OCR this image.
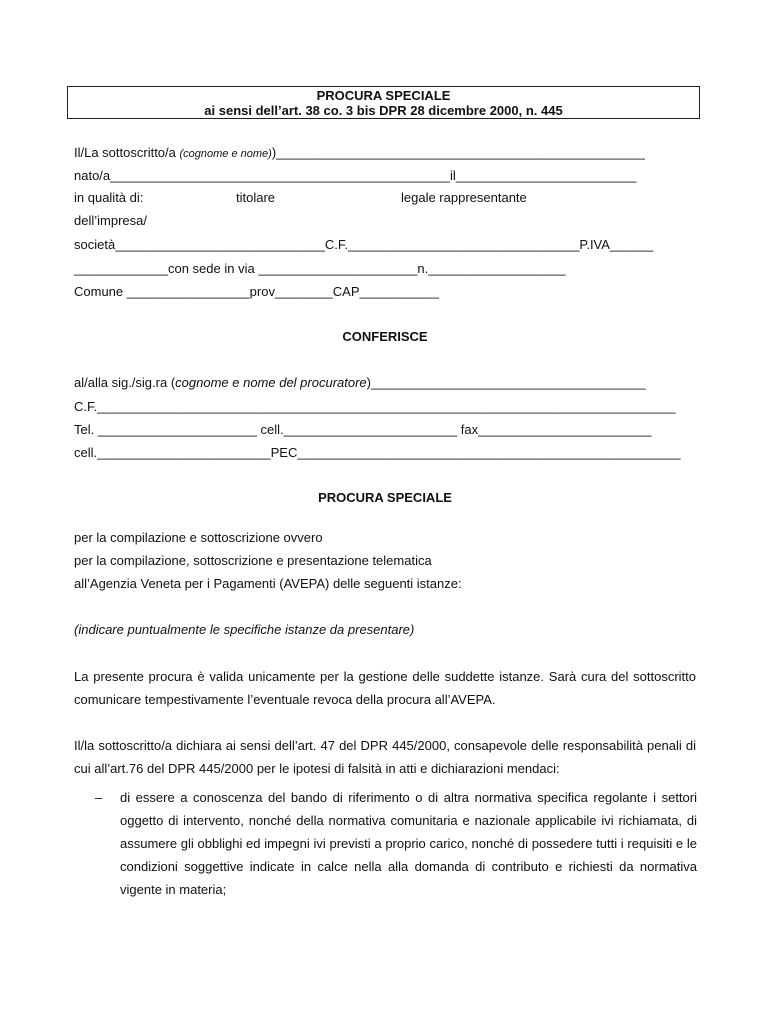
PROCURA SPECIALE
ai sensi dell’art. 38 co. 3 bis DPR 28 dicembre 2000, n. 445
Il/La sottoscritto/a (cognome e nome))___________________________________________________
nato/a_______________________________________________il_________________________
in qualità di:	titolare	legale rappresentante
dell’impresa/
società_____________________________C.F.________________________________P.IVA______
_____________con sede in via ______________________n.___________________
Comune _________________prov________CAP___________
CONFERISCE
al/alla sig./sig.ra (cognome e nome del procuratore)______________________________________
C.F.________________________________________________________________________________
Tel. ______________________ cell.________________________ fax________________________
cell.________________________PEC_____________________________________________________
PROCURA SPECIALE
per la compilazione e sottoscrizione ovvero
per la compilazione, sottoscrizione e presentazione telematica
all’Agenzia Veneta per i Pagamenti (AVEPA) delle seguenti istanze:
(indicare puntualmente le specifiche istanze da presentare)
La presente procura è valida unicamente per la gestione delle suddette istanze. Sarà cura del sottoscritto comunicare tempestivamente l’eventuale revoca della procura all’AVEPA.
Il/la sottoscritto/a dichiara ai sensi dell’art. 47 del DPR 445/2000, consapevole delle responsabilità penali di cui all’art.76 del DPR 445/2000 per le ipotesi di falsità in atti e dichiarazioni mendaci:
– di essere a conoscenza del bando di riferimento o di altra normativa specifica regolante i settori oggetto di intervento, nonché della normativa comunitaria e nazionale applicabile ivi richiamata, di assumere gli obblighi ed impegni ivi previsti a proprio carico, nonché di possedere tutti i requisiti e le condizioni soggettive indicate in calce nella alla domanda di contributo e richiesti da normativa vigente in materia;
